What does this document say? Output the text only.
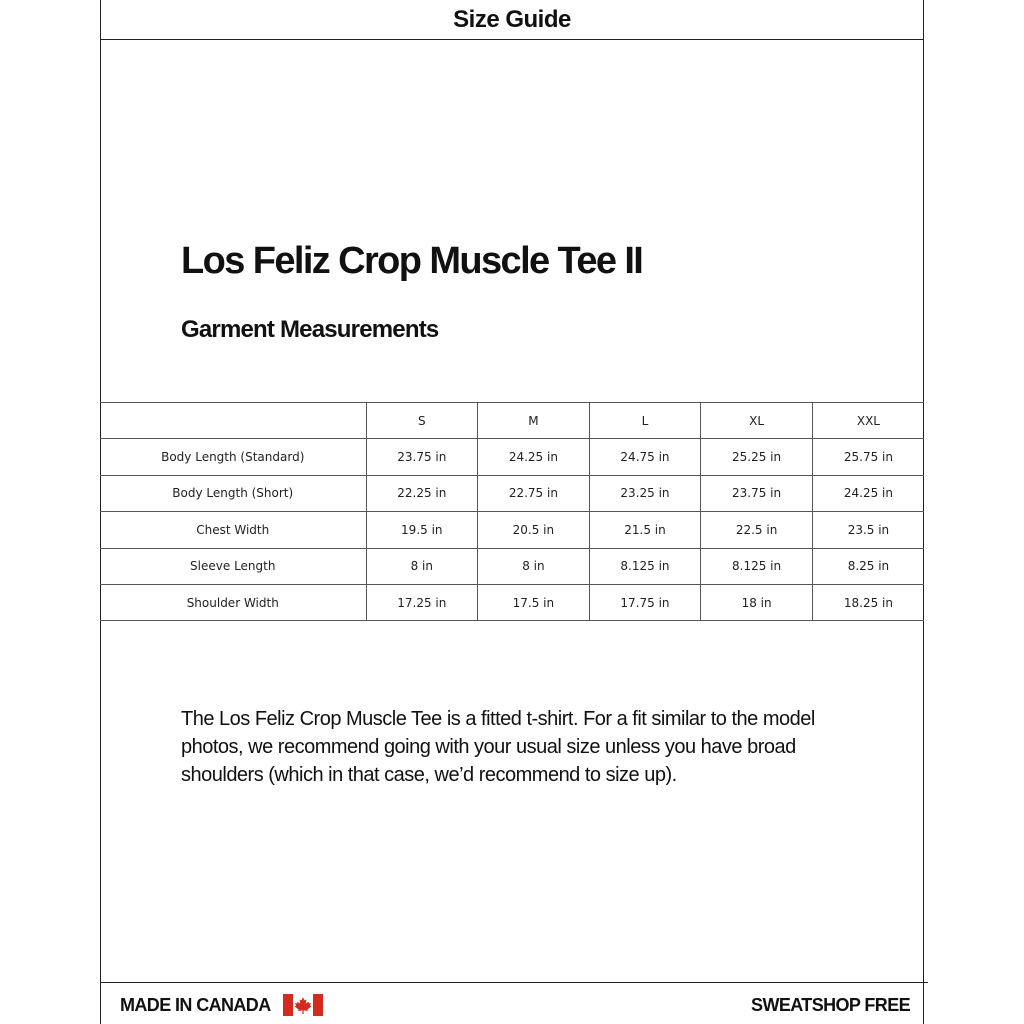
Size Guide
Los Feliz Crop Muscle Tee II
Garment Measurements
	S	M	L	XL	XXL
Body Length (Standard)	23.75 in	24.25 in	24.75 in	25.25 in	25.75 in
Body Length (Short)	22.25 in	22.75 in	23.25 in	23.75 in	24.25 in
Chest Width	19.5 in	20.5 in	21.5 in	22.5 in	23.5 in
Sleeve Length	8 in	8 in	8.125 in	8.125 in	8.25 in
Shoulder Width	17.25 in	17.5 in	17.75 in	18 in	18.25 in

The Los Feliz Crop Muscle Tee is a fitted t-shirt. For a fit similar to the model photos, we recommend going with your usual size unless you have broad shoulders (which in that case, we’d recommend to size up).

MADE IN CANADA	SWEATSHOP FREE
